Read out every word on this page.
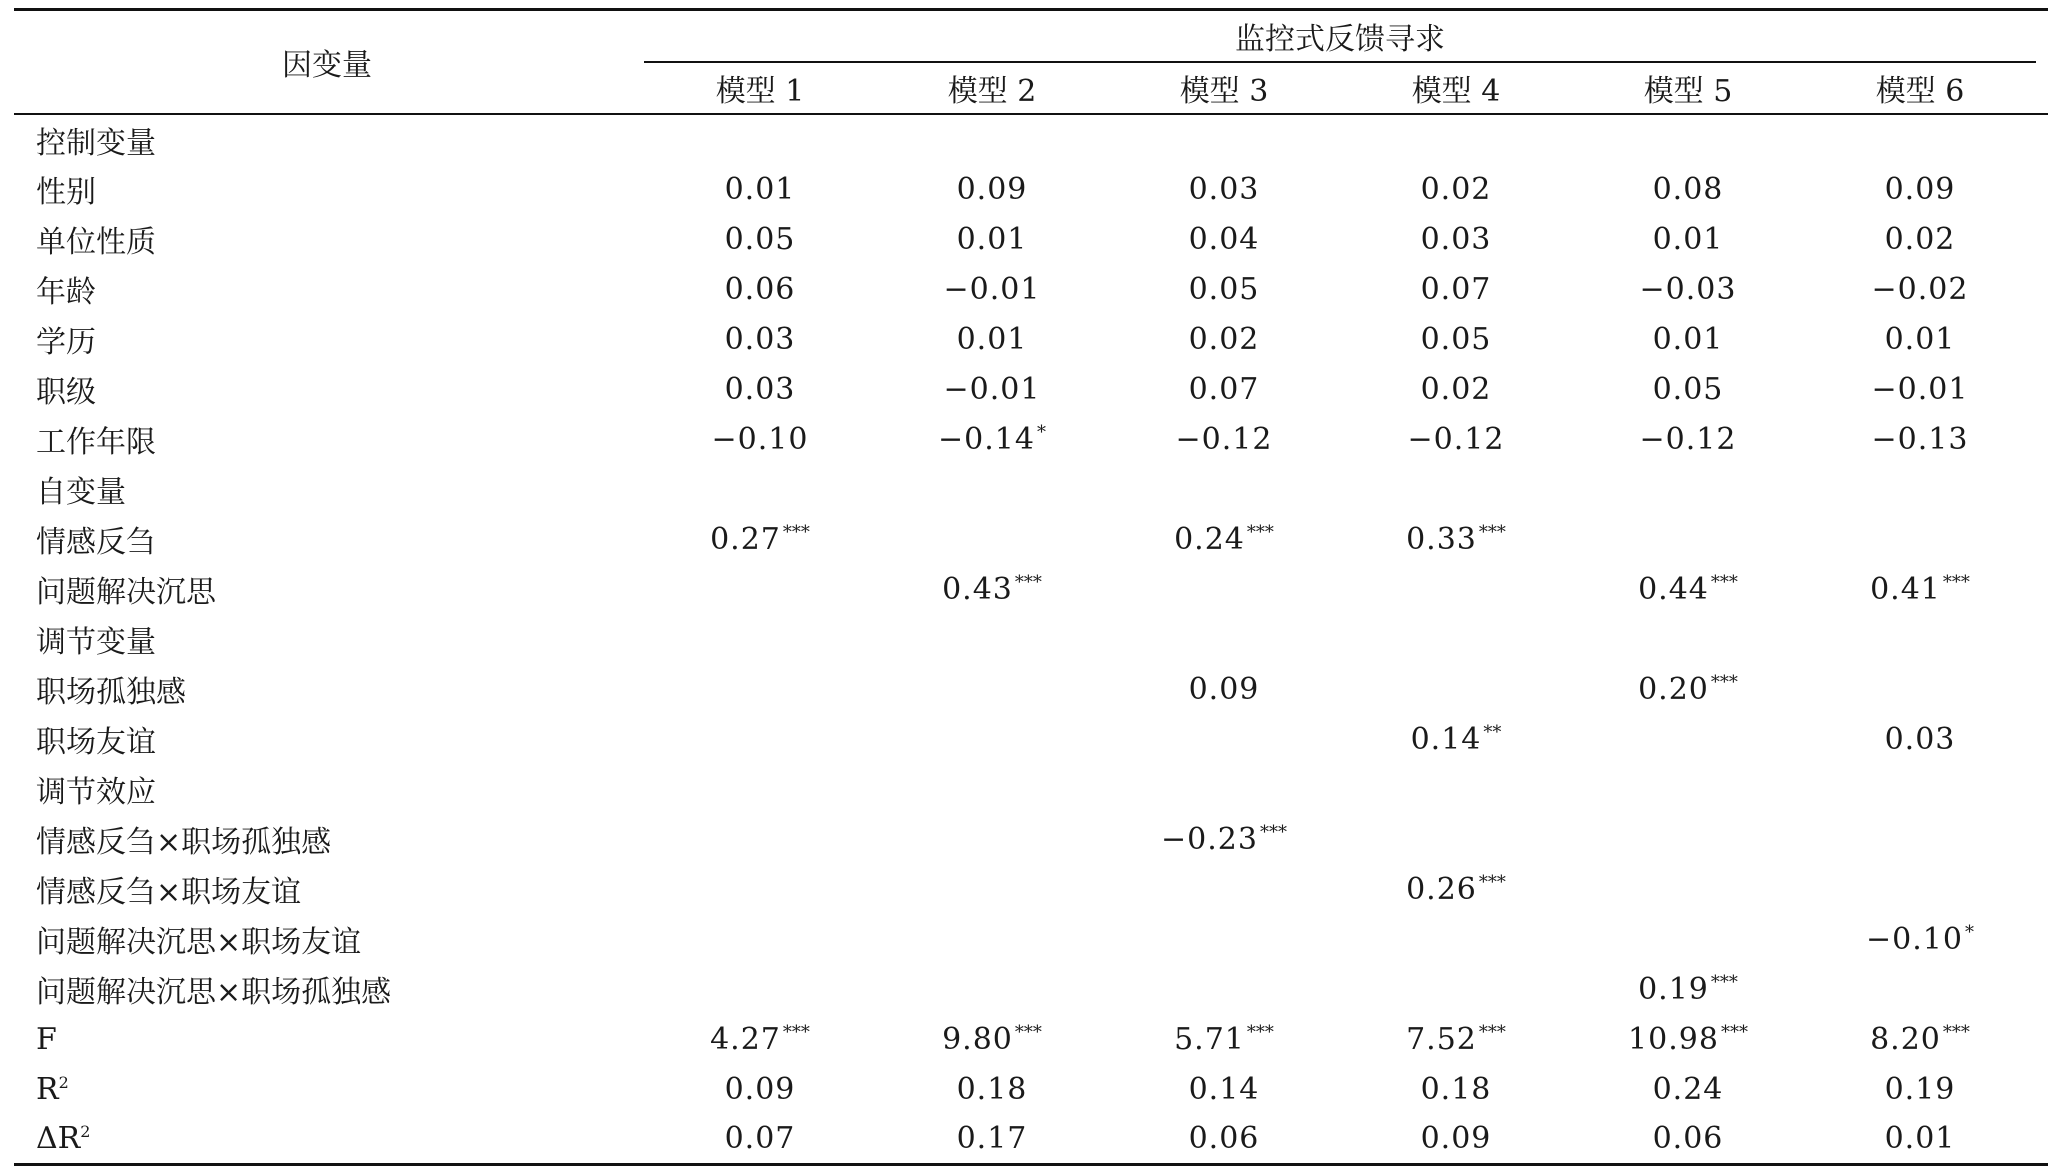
因变量	监控式反馈寻求						
	模型 1	模型 2	模型 3	模型 4	模型 5	模型 6	
控制变量							
性别	0.01	0.09	0.03	0.02	0.08	0.09	
单位性质	0.05	0.01	0.04	0.03	0.01	0.02	
年龄	0.06	−0.01	0.05	0.07	−0.03	−0.02	
学历	0.03	0.01	0.02	0.05	0.01	0.01	
职级	0.03	−0.01	0.07	0.02	0.05	−0.01	
工作年限	−0.10	−0.14 *	−0.12	−0.12	−0.12	−0.13	
自变量							
情感反刍	0.27 ***		0.24 ***	0.33 ***			
问题解决沉思		0.43 ***			0.44 ***	0.41 ***	
调节变量							
职场孤独感			0.09		0.20 ***		
职场友谊				0.14 **		0.03	
调节效应							
情感反刍×职场孤独感			−0.23 ***				
情感反刍×职场友谊				0.26 ***			
问题解决沉思×职场友谊						−0.10 *	
问题解决沉思×职场孤独感					0.19 ***		
F	4.27 ***	9.80 ***	5.71 ***	7.52 ***	10.98 ***	8.20 ***	
$R^2$	0.09	0.18	0.14	0.18	0.24	0.19	
$\Delta R^2$	0.07	0.17	0.06	0.09	0.06	0.01	
